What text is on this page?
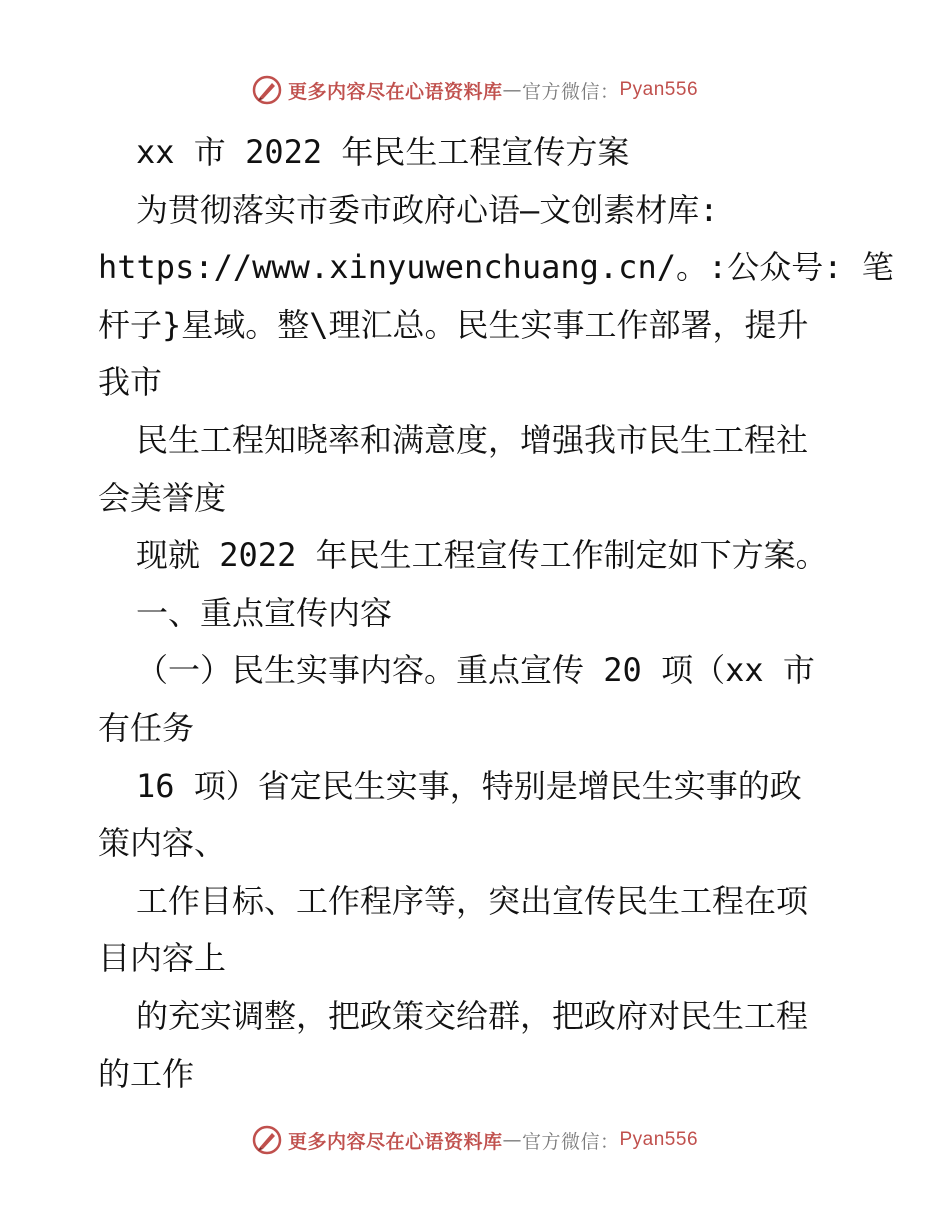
更多内容尽在心语资料库 — 官方微信： Pyan556
xx 市 2022 年民生工程宣传方案
为贯彻落实市委市政府心语—文创素材库:
https://www.xinyuwenchuang.cn/。:公众号: 笔
杆子}星域。整\理汇总。民生实事工作部署，提升
我市
民生工程知晓率和满意度，增强我市民生工程社
会美誉度
现就 2022 年民生工程宣传工作制定如下方案。
一、重点宣传内容
（一）民生实事内容。重点宣传 20 项（xx 市
有任务
16 项）省定民生实事，特别是增民生实事的政
策内容、
工作目标、工作程序等，突出宣传民生工程在项
目内容上
的充实调整，把政策交给群，把政府对民生工程
的工作
更多内容尽在心语资料库 — 官方微信： Pyan556
